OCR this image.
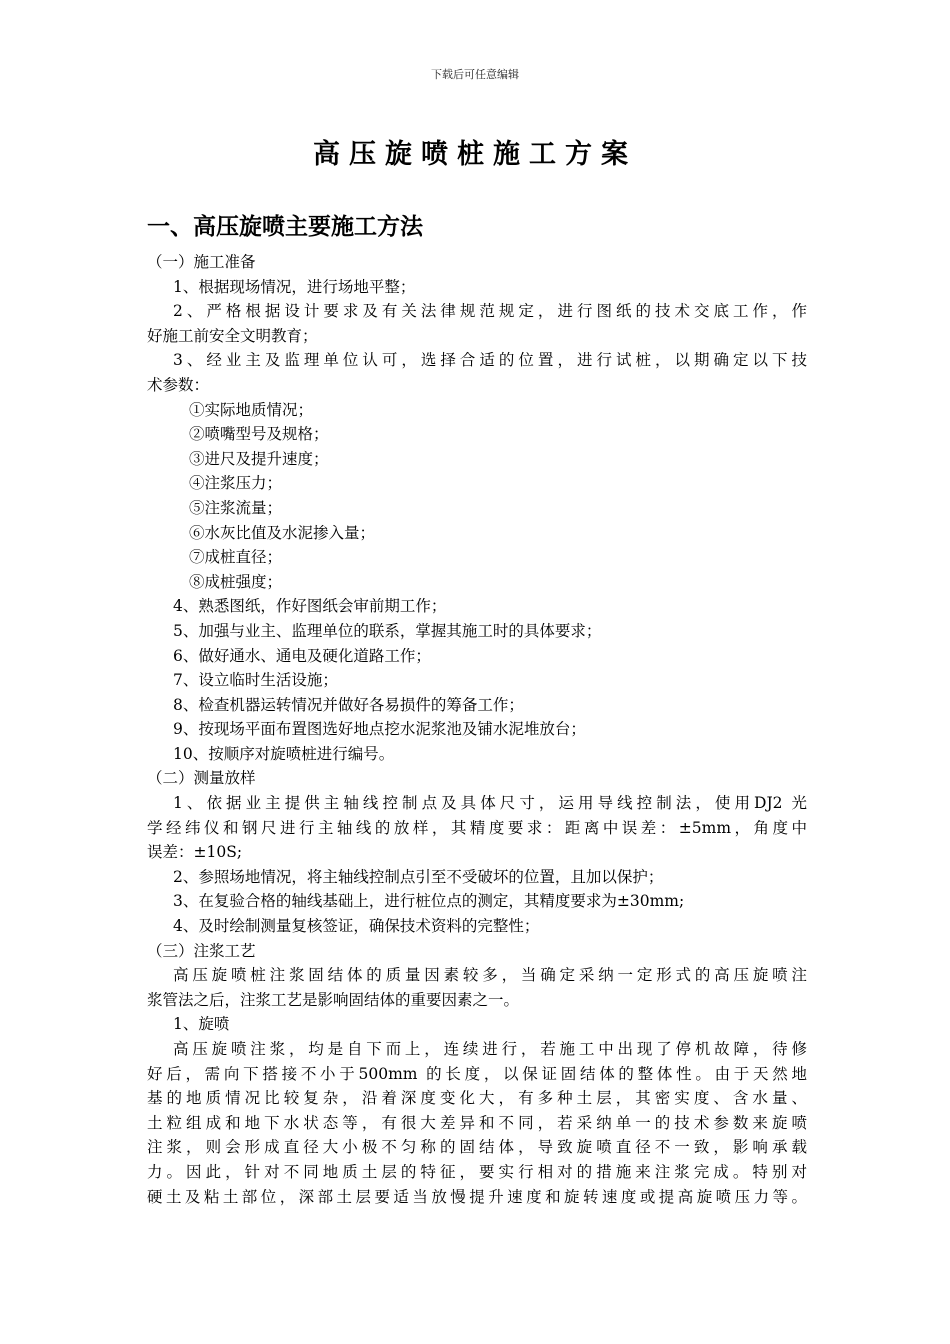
下载后可任意编辑
高压旋喷桩施工方案
一、高压旋喷主要施工方法
（一）施工准备
1、根据现场情况，进行场地平整；
2、严格根据设计要求及有关法律规范规定，进行图纸的技术交底工作，作
好施工前安全文明教育；
3、经业主及监理单位认可，选择合适的位置，进行试桩，以期确定以下技
术参数：
①实际地质情况；
②喷嘴型号及规格；
③进尺及提升速度；
④注浆压力；
⑤注浆流量；
⑥水灰比值及水泥掺入量；
⑦成桩直径；
⑧成桩强度；
4、熟悉图纸，作好图纸会审前期工作；
5、加强与业主、监理单位的联系，掌握其施工时的具体要求；
6、做好通水、通电及硬化道路工作；
7、设立临时生活设施；
8、检查机器运转情况并做好各易损件的筹备工作；
9、按现场平面布置图选好地点挖水泥浆池及铺水泥堆放台；
10、按顺序对旋喷桩进行编号。
（二）测量放样
1、依据业主提供主轴线控制点及具体尺寸，运用导线控制法，使用DJ2 光
学经纬仪和钢尺进行主轴线的放样，其精度要求：距离中误差：±5mm，角度中
误差：±10S;
2、参照场地情况，将主轴线控制点引至不受破坏的位置，且加以保护；
3、在复验合格的轴线基础上，进行桩位点的测定，其精度要求为±30mm;
4、及时绘制测量复核签证，确保技术资料的完整性；
（三）注浆工艺
高压旋喷桩注浆固结体的质量因素较多，当确定采纳一定形式的高压旋喷注
浆管法之后，注浆工艺是影响固结体的重要因素之一。
1、旋喷
高压旋喷注浆，均是自下而上，连续进行，若施工中出现了停机故障，待修
好后，需向下搭接不小于500mm 的长度，以保证固结体的整体性。由于天然地
基的地质情况比较复杂，沿着深度变化大，有多种土层，其密实度、含水量、
土粒组成和地下水状态等，有很大差异和不同，若采纳单一的技术参数来旋喷
注浆，则会形成直径大小极不匀称的固结体，导致旋喷直径不一致，影响承载
力。因此，针对不同地质土层的特征，要实行相对的措施来注浆完成。特别对
硬土及粘土部位，深部土层要适当放慢提升速度和旋转速度或提高旋喷压力等。
